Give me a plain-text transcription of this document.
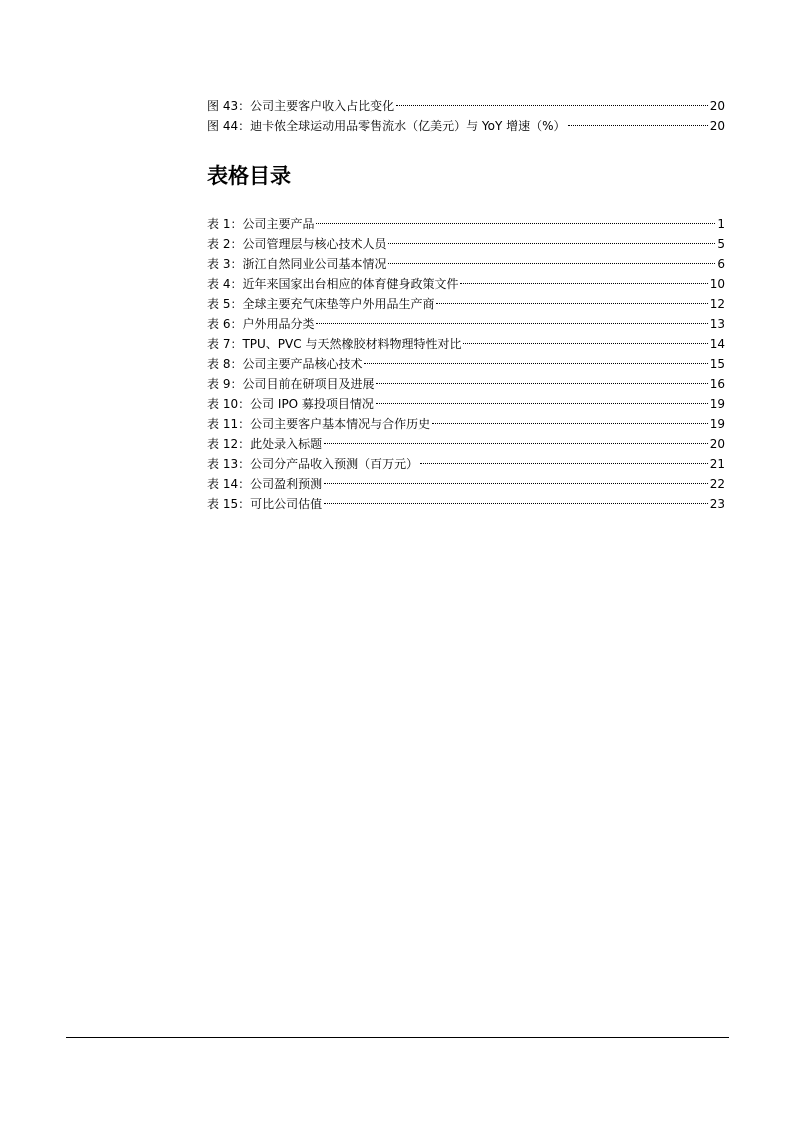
图 43：公司主要客户收入占比变化	20
图 44：迪卡侬全球运动用品零售流水（亿美元）与 YoY 增速（%）	20
表格目录
表 1：公司主要产品	1
表 2：公司管理层与核心技术人员	5
表 3：浙江自然同业公司基本情况	6
表 4：近年来国家出台相应的体育健身政策文件	10
表 5：全球主要充气床垫等户外用品生产商	12
表 6：户外用品分类	13
表 7：TPU、PVC 与天然橡胶材料物理特性对比	14
表 8：公司主要产品核心技术	15
表 9：公司目前在研项目及进展	16
表 10：公司 IPO 募投项目情况	19
表 11：公司主要客户基本情况与合作历史	19
表 12：此处录入标题	20
表 13：公司分产品收入预测（百万元）	21
表 14：公司盈利预测	22
表 15：可比公司估值	23
